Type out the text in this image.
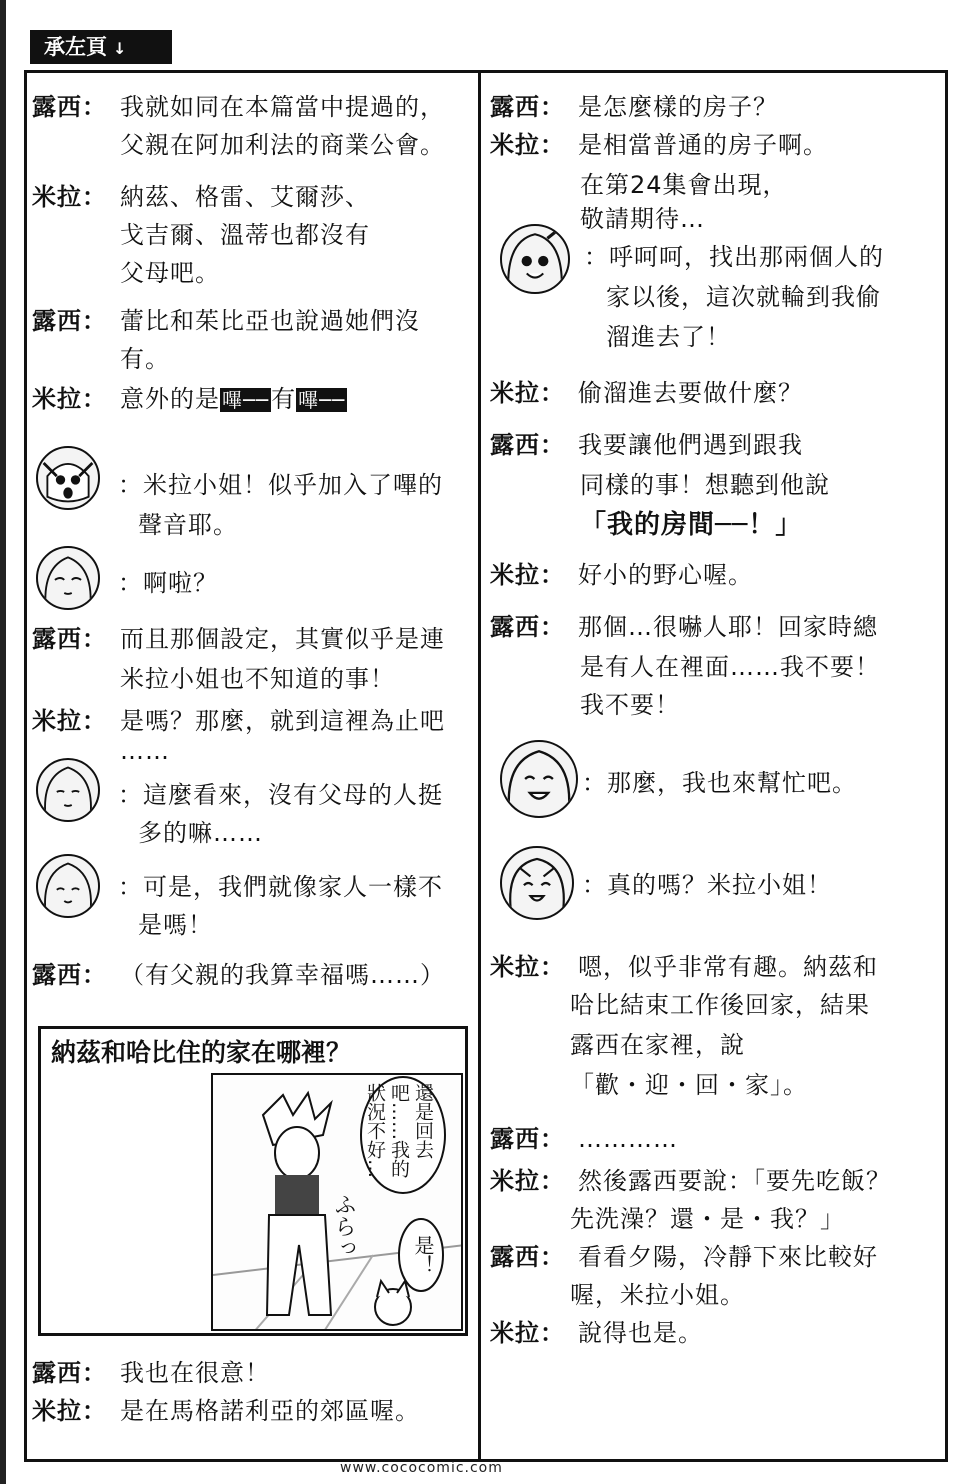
承左頁 ↓
露西： 我就如同在本篇當中提過的，
父親在阿加利法的商業公會。
米拉： 納茲、格雷、艾爾莎、
戈吉爾、溫蒂也都沒有
父母吧。
露西： 蕾比和茱比亞也說過她們沒
有。
米拉： 意外的是 嗶──有 嗶──
：米拉小姐！似乎加入了嗶的
聲音耶。
：啊啦？
露西： 而且那個設定，其實似乎是連
米拉小姐也不知道的事！
米拉： 是嗎？那麼，就到這裡為止吧
……
：這麼看來，沒有父母的人挺
多的嘛……
：可是，我們就像家人一樣不
是嗎！
露西： （有父親的我算幸福嗎……）
納茲和哈比住的家在哪裡？
還是回去吧……我的狀況不好…
ふらっ	是！
露西： 我也在很意！
米拉： 是在馬格諾利亞的郊區喔。
露西： 是怎麼樣的房子？
米拉： 是相當普通的房子啊。
在第24集會出現，
敬請期待…
：呼呵呵，找出那兩個人的
家以後，這次就輪到我偷
溜進去了！
米拉： 偷溜進去要做什麼？
露西： 我要讓他們遇到跟我
同樣的事！想聽到他說
「我的房間──！」
米拉： 好小的野心喔。
露西： 那個…很嚇人耶！回家時總
是有人在裡面……我不要！
我不要！
：那麼，我也來幫忙吧。
：真的嗎？米拉小姐！
米拉： 嗯，似乎非常有趣。納茲和
哈比結束工作後回家，結果
露西在家裡，說
「歡・迎・回・家」。
露西： …………
米拉： 然後露西要說：「要先吃飯？
先洗澡？還・是・我？」
露西： 看看夕陽，冷靜下來比較好
喔，米拉小姐。
米拉： 說得也是。
www.cococomic.com
